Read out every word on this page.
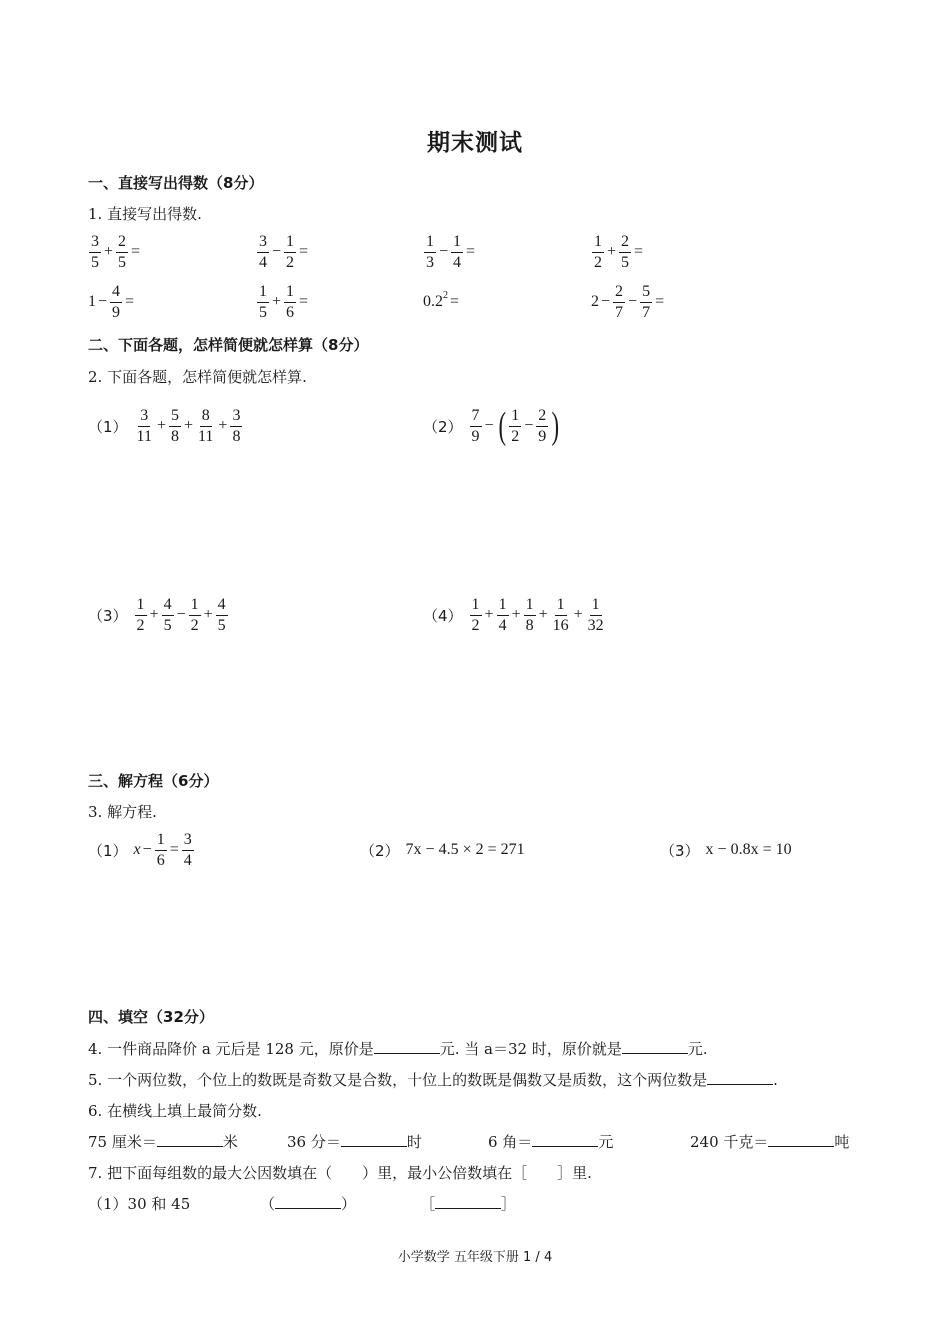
期末测试
一、直接写出得数（8分）
1. 直接写出得数.
$\frac{3}{5} + \frac{2}{5}$ =	$\frac{3}{4} - \frac{1}{2}$ =	$\frac{1}{3} - \frac{1}{4}$ =	$\frac{1}{2} + \frac{2}{5}$ =
$1 - \frac{4}{9}$ =	$\frac{1}{5} + \frac{1}{6}$ =	$0.2^2$ =	$2 - \frac{2}{7} - \frac{5}{7}$ =
二、下面各题，怎样简便就怎样算（8分）
2. 下面各题，怎样简便就怎样算.
$(1) \frac{3}{11} + \frac{5}{8} + \frac{8}{11} + \frac{3}{8}$	$(2) \frac{7}{9}$ − ( $\frac{1}{2} - \frac{2}{9}$ )
$(3) \frac{1}{2} + \frac{4}{5} - \frac{1}{2} + \frac{4}{5}$	$(4) \frac{1}{2} + \frac{1}{4} + \frac{1}{8} + \frac{1}{16} + \frac{1}{32}$
三、解方程（6分）
3. 解方程.
（1） $x - \frac{1}{6} = \frac{3}{4}$	（2） 7x − 4.5 × 2 = 271	（3） x − 0.8x = 10
四、填空（32分）
4. 一件商品降价 a 元后是 128 元，原价是	元. 当 a＝32 时，原价就是	元.
5. 一个两位数，个位上的数既是奇数又是合数，十位上的数既是偶数又是质数，这个两位数是	.
6. 在横线上填上最简分数.
75 厘米＝	米	36 分＝	时	6 角＝	元	240 千克＝	吨
7. 把下面每组数的最大公因数填在（　　）里，最小公倍数填在［　　］里.
（1）30 和 45	（	）	［	］
小学数学 五年级下册 1 / 4
